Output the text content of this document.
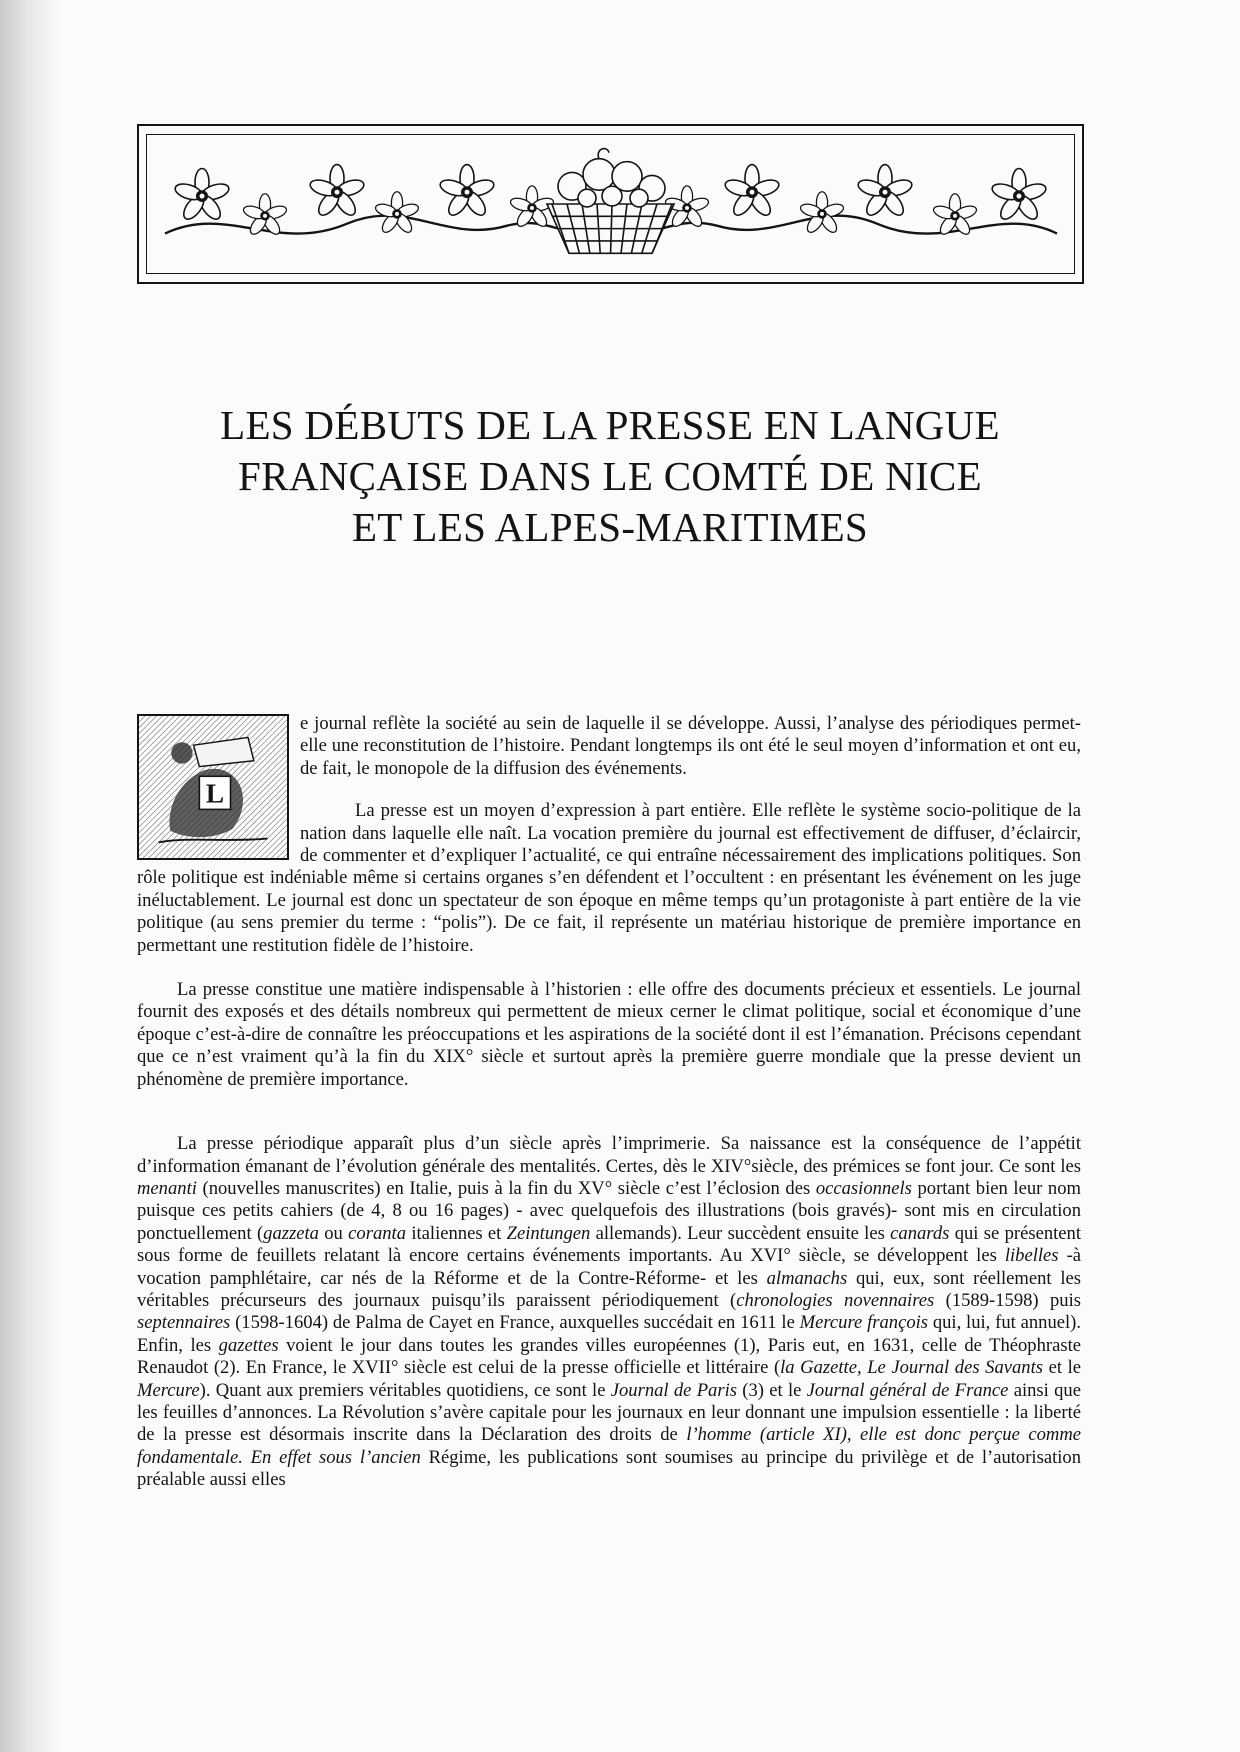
LES DÉBUTS DE LA PRESSE EN LANGUE
FRANÇAISE DANS LE COMTÉ DE NICE
ET LES ALPES-MARITIMES
L

e journal reflète la société au sein de laquelle il se développe. Aussi, l’analyse des périodiques permet-elle une reconstitution de l’histoire. Pendant longtemps ils ont été le seul moyen d’information et ont eu, de fait, le monopole de la diffusion des événements.

La presse est un moyen d’expression à part entière. Elle reflète le système socio-politique de la nation dans laquelle elle naît. La vocation première du journal est effectivement de diffuser, d’éclaircir, de commenter et d’expliquer l’actualité, ce qui entraîne nécessairement des implications politiques. Son rôle politique est indéniable même si certains organes s’en défendent et l’occultent : en présentant les événement on les juge inéluctablement. Le journal est donc un spectateur de son époque en même temps qu’un protagoniste à part entière de la vie politique (au sens premier du terme : “polis”). De ce fait, il représente un matériau historique de première importance en permettant une restitution fidèle de l’histoire.

La presse constitue une matière indispensable à l’historien : elle offre des documents précieux et essentiels. Le journal fournit des exposés et des détails nombreux qui permettent de mieux cerner le climat politique, social et économique d’une époque c’est-à-dire de connaître les préoccupations et les aspirations de la société dont il est l’émanation. Précisons cependant que ce n’est vraiment qu’à la fin du XIX° siècle et surtout après la première guerre mondiale que la presse devient un phénomène de première importance.

La presse périodique apparaît plus d’un siècle après l’imprimerie. Sa naissance est la conséquence de l’appétit d’information émanant de l’évolution générale des mentalités. Certes, dès le XIV°siècle, des prémices se font jour. Ce sont les menanti (nouvelles manuscrites) en Italie, puis à la fin du XV° siècle c’est l’éclosion des occasionnels portant bien leur nom puisque ces petits cahiers (de 4, 8 ou 16 pages) - avec quelquefois des illustrations (bois gravés)- sont mis en circulation ponctuellement (gazzeta ou coranta italiennes et Zeintungen allemands). Leur succèdent ensuite les canards qui se présentent sous forme de feuillets relatant là encore certains événements importants. Au XVI° siècle, se développent les libelles -à vocation pamphlétaire, car nés de la Réforme et de la Contre-Réforme- et les almanachs qui, eux, sont réellement les véritables précurseurs des journaux puisqu’ils paraissent périodiquement (chronologies novennaires (1589-1598) puis septennaires (1598-1604) de Palma de Cayet en France, auxquelles succédait en 1611 le Mercure françois qui, lui, fut annuel). Enfin, les gazettes voient le jour dans toutes les grandes villes européennes (1), Paris eut, en 1631, celle de Théophraste Renaudot (2). En France, le XVII° siècle est celui de la presse officielle et littéraire (la Gazette, Le Journal des Savants et le Mercure). Quant aux premiers véritables quotidiens, ce sont le Journal de Paris (3) et le Journal général de France ainsi que les feuilles d’annonces. La Révolution s’avère capitale pour les journaux en leur donnant une impulsion essentielle : la liberté de la presse est désormais inscrite dans la Déclaration des droits de l’homme (article XI), elle est donc perçue comme fondamentale. En effet sous l’ancien Régime, les publications sont soumises au principe du privilège et de l’autorisation préalable aussi elles
